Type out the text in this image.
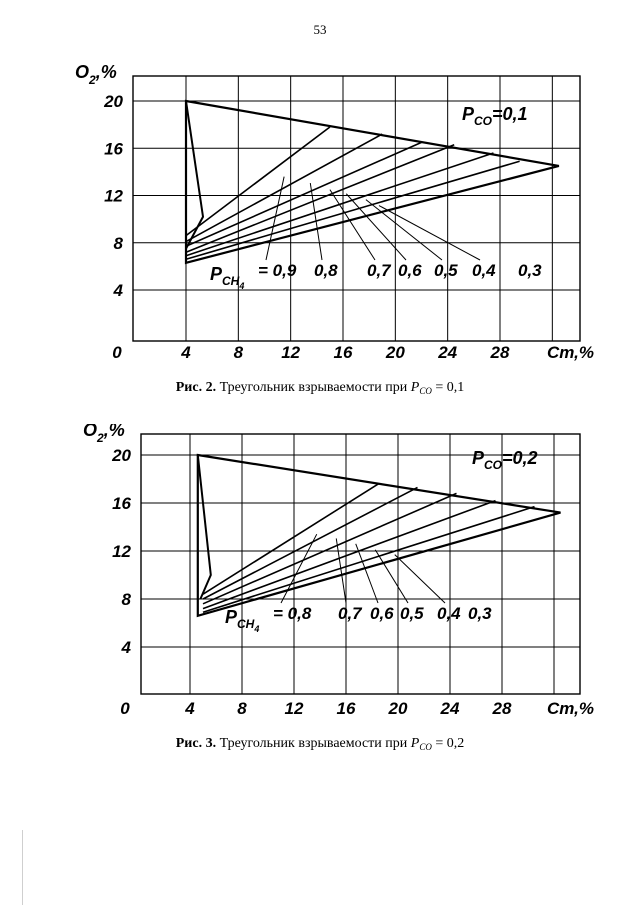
53
4
8
12
16
20
0	4	8 12 16 20 24 28
$O_2,\%$
Cт,%
$P_{CO}=0,1$
$P_{CH4}$
= 0,9 0,8 0,7 0,6 0,5 0,4 0,3
Рис. 2. Треугольник взрываемости при $P_{CO} = 0,1$
4
8
12
16
20
0	4	8 12 16 20 24 28
$O_2,\%$
Cт,%
$P_{CO}=0,2$
$P_{CH4}$
= 0,8 0,7 0,6 0,5 0,4 0,3
Рис. 3. Треугольник взрываемости при $P_{CO} = 0,2$
